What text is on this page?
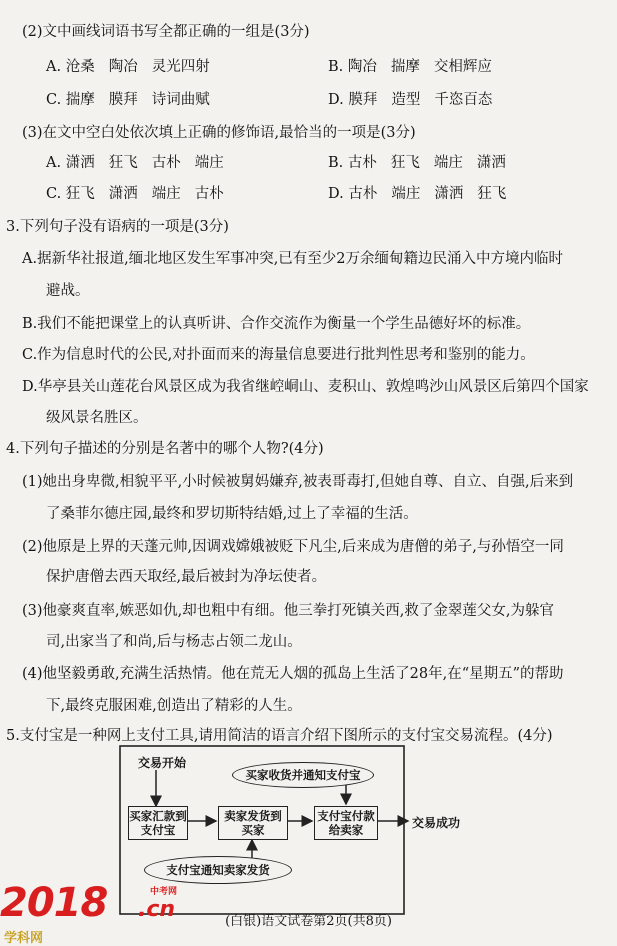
(2)文中画线词语书写全都正确的一组是(3分)
A. 沧桑 陶冶 灵光四射	B. 陶冶 揣摩 交相辉应
C. 揣摩 膜拜 诗词曲赋	D. 膜拜 造型 千恣百态
(3)在文中空白处依次填上正确的修饰语,最恰当的一项是(3分)
A. 潇洒 狂飞 古朴 端庄	B. 古朴 狂飞 端庄 潇洒
C. 狂飞 潇洒 端庄 古朴	D. 古朴 端庄 潇洒 狂飞
3.下列句子没有语病的一项是(3分)
A.据新华社报道,缅北地区发生军事冲突,已有至少2万余缅甸籍边民涌入中方境内临时
避战。
B.我们不能把课堂上的认真听讲、合作交流作为衡量一个学生品德好坏的标准。
C.作为信息时代的公民,对扑面而来的海量信息要进行批判性思考和鉴别的能力。
D.华亭县关山莲花台风景区成为我省继崆峒山、麦积山、敦煌鸣沙山风景区后第四个国家
级风景名胜区。
4.下列句子描述的分别是名著中的哪个人物?(4分)
(1)她出身卑微,相貌平平,小时候被舅妈嫌弃,被表哥毒打,但她自尊、自立、自强,后来到
了桑菲尔德庄园,最终和罗切斯特结婚,过上了幸福的生活。
(2)他原是上界的天蓬元帅,因调戏嫦娥被贬下凡尘,后来成为唐僧的弟子,与孙悟空一同
保护唐僧去西天取经,最后被封为净坛使者。
(3)他豪爽直率,嫉恶如仇,却也粗中有细。他三拳打死镇关西,救了金翠莲父女,为躲官
司,出家当了和尚,后与杨志占领二龙山。
(4)他坚毅勇敢,充满生活热情。他在荒无人烟的孤岛上生活了28年,在“星期五”的帮助
下,最终克服困难,创造出了精彩的人生。
5.支付宝是一种网上支付工具,请用简洁的语言介绍下图所示的支付宝交易流程。(4分)
交易开始
买家收货并通知支付宝
买家汇款到支付宝
卖家发货到买家
支付宝付款给卖家	交易成功
支付宝通知卖家发货
2018	中考网
.cn
学科网
(白银)语文试卷第2页(共8页)
